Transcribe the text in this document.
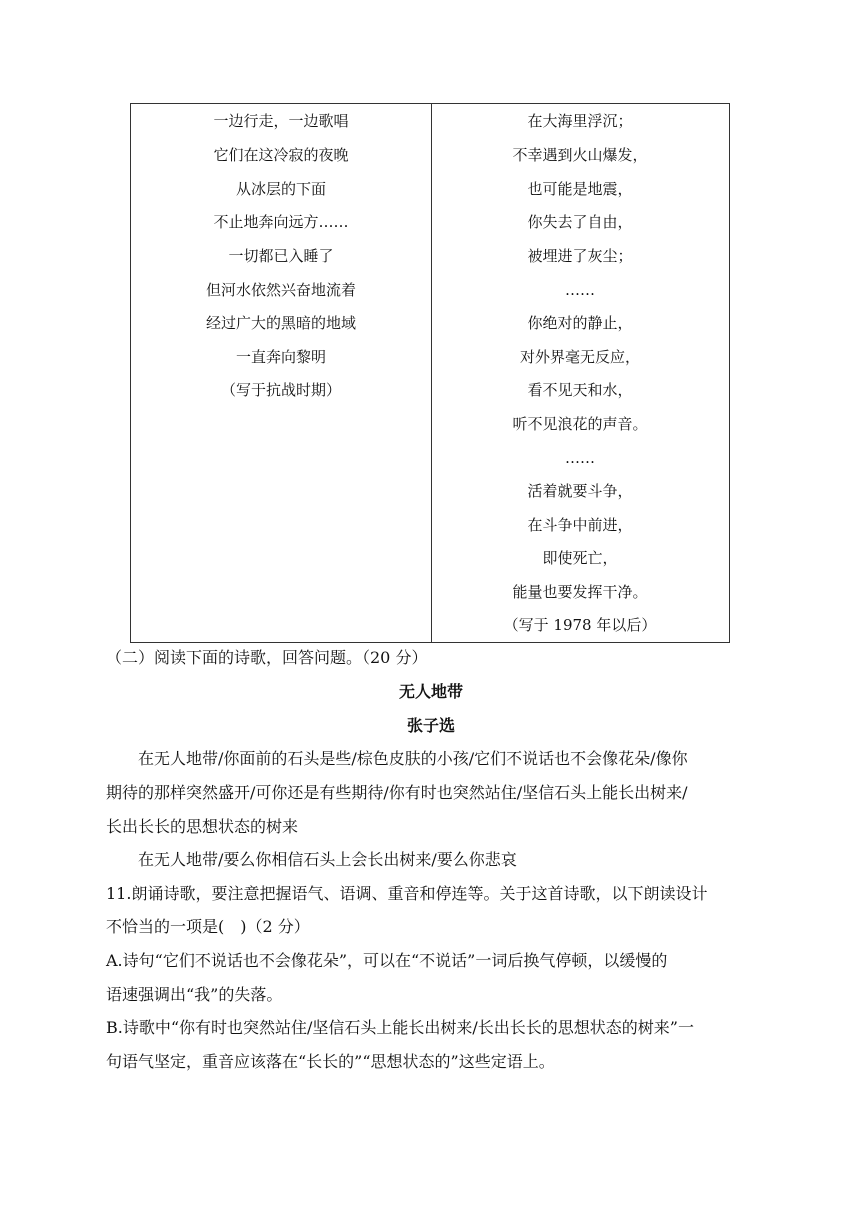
一边行走，一边歌唱
它们在这冷寂的夜晚
从冰层的下面
不止地奔向远方……
一切都已入睡了
但河水依然兴奋地流着
经过广大的黑暗的地域
一直奔向黎明
（写于抗战时期）
在大海里浮沉；
不幸遇到火山爆发，
也可能是地震，
你失去了自由，
被埋进了灰尘；
……
你绝对的静止，
对外界毫无反应，
看不见天和水，
听不见浪花的声音。
……
活着就要斗争，
在斗争中前进，
即使死亡，
能量也要发挥干净。
（写于 1978 年以后）
（二）阅读下面的诗歌，回答问题。（20 分）
无人地带
张子选
在无人地带/你面前的石头是些/棕色皮肤的小孩/它们不说话也不会像花朵/像你
期待的那样突然盛开/可你还是有些期待/你有时也突然站住/坚信石头上能长出树来/
长出长长的思想状态的树来
在无人地带/要么你相信石头上会长出树来/要么你悲哀
11.朗诵诗歌，要注意把握语气、语调、重音和停连等。关于这首诗歌，以下朗读设计
不恰当的一项是(　)（2 分）
A.诗句“它们不说话也不会像花朵”，可以在“不说话”一词后换气停顿，以缓慢的
语速强调出“我”的失落。
B.诗歌中“你有时也突然站住/坚信石头上能长出树来/长出长长的思想状态的树来”一
句语气坚定，重音应该落在“长长的”“思想状态的”这些定语上。
